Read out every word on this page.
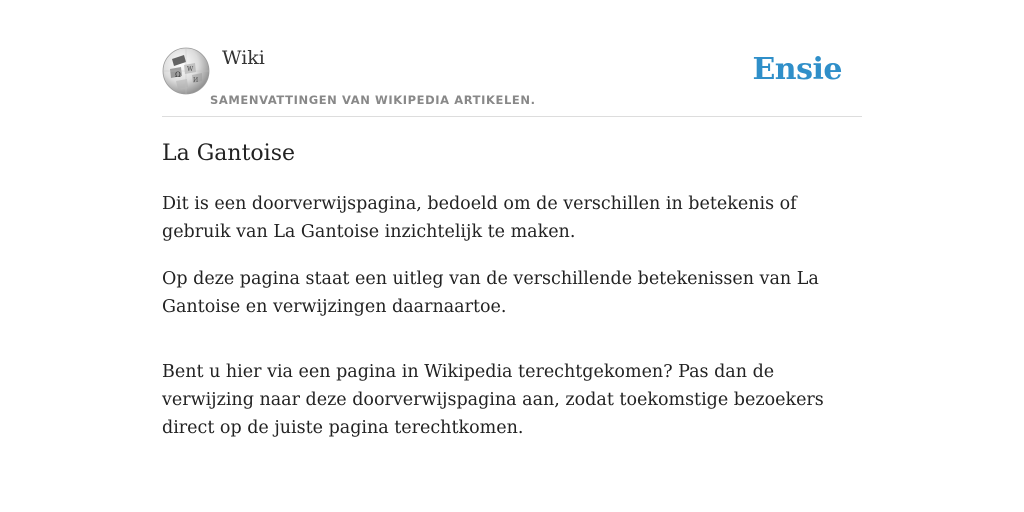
Ω
W
И

Wiki

SAMENVATTINGEN VAN WIKIPEDIA ARTIKELEN.

Ensie
La Gantoise

Dit is een doorverwijspagina, bedoeld om de verschillen in betekenis of gebruik van La Gantoise inzichtelijk te maken.

Op deze pagina staat een uitleg van de verschillende betekenissen van La Gantoise en verwijzingen daarnaartoe.

Bent u hier via een pagina in Wikipedia terechtgekomen? Pas dan de verwijzing naar deze doorverwijspagina aan, zodat toekomstige bezoekers direct op de juiste pagina terechtkomen.
